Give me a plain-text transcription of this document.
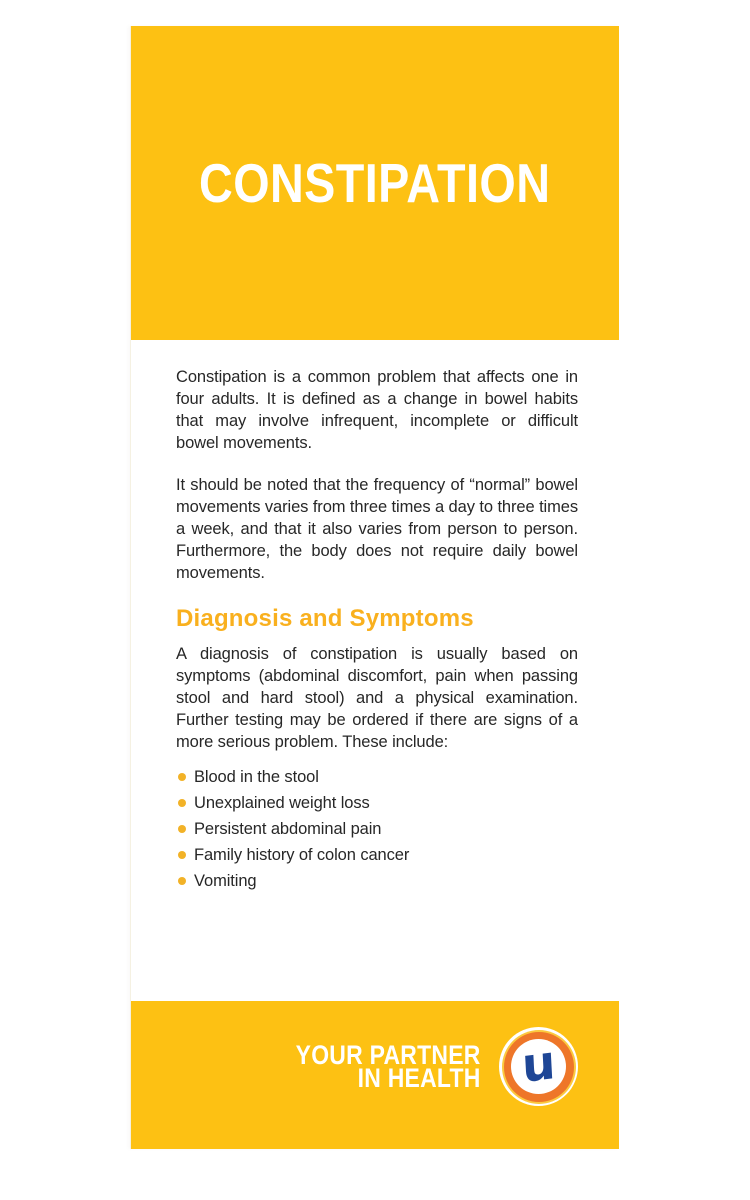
CONSTIPATION

Constipation is a common problem that affects one in four adults. It is defined as a change in bowel habits that may involve infrequent, incomplete or difficult bowel movements.

It should be noted that the frequency of “normal” bowel movements varies from three times a day to three times a week, and that it also varies from person to person. Furthermore, the body does not require daily bowel movements.

Diagnosis and Symptoms

A diagnosis of constipation is usually based on symptoms (abdominal discomfort, pain when passing stool and hard stool) and a physical examination. Further testing may be ordered if there are signs of a more serious problem. These include:

Blood in the stool
Unexplained weight loss
Persistent abdominal pain
Family history of colon cancer
Vomiting
YOUR PARTNER
IN HEALTH u
